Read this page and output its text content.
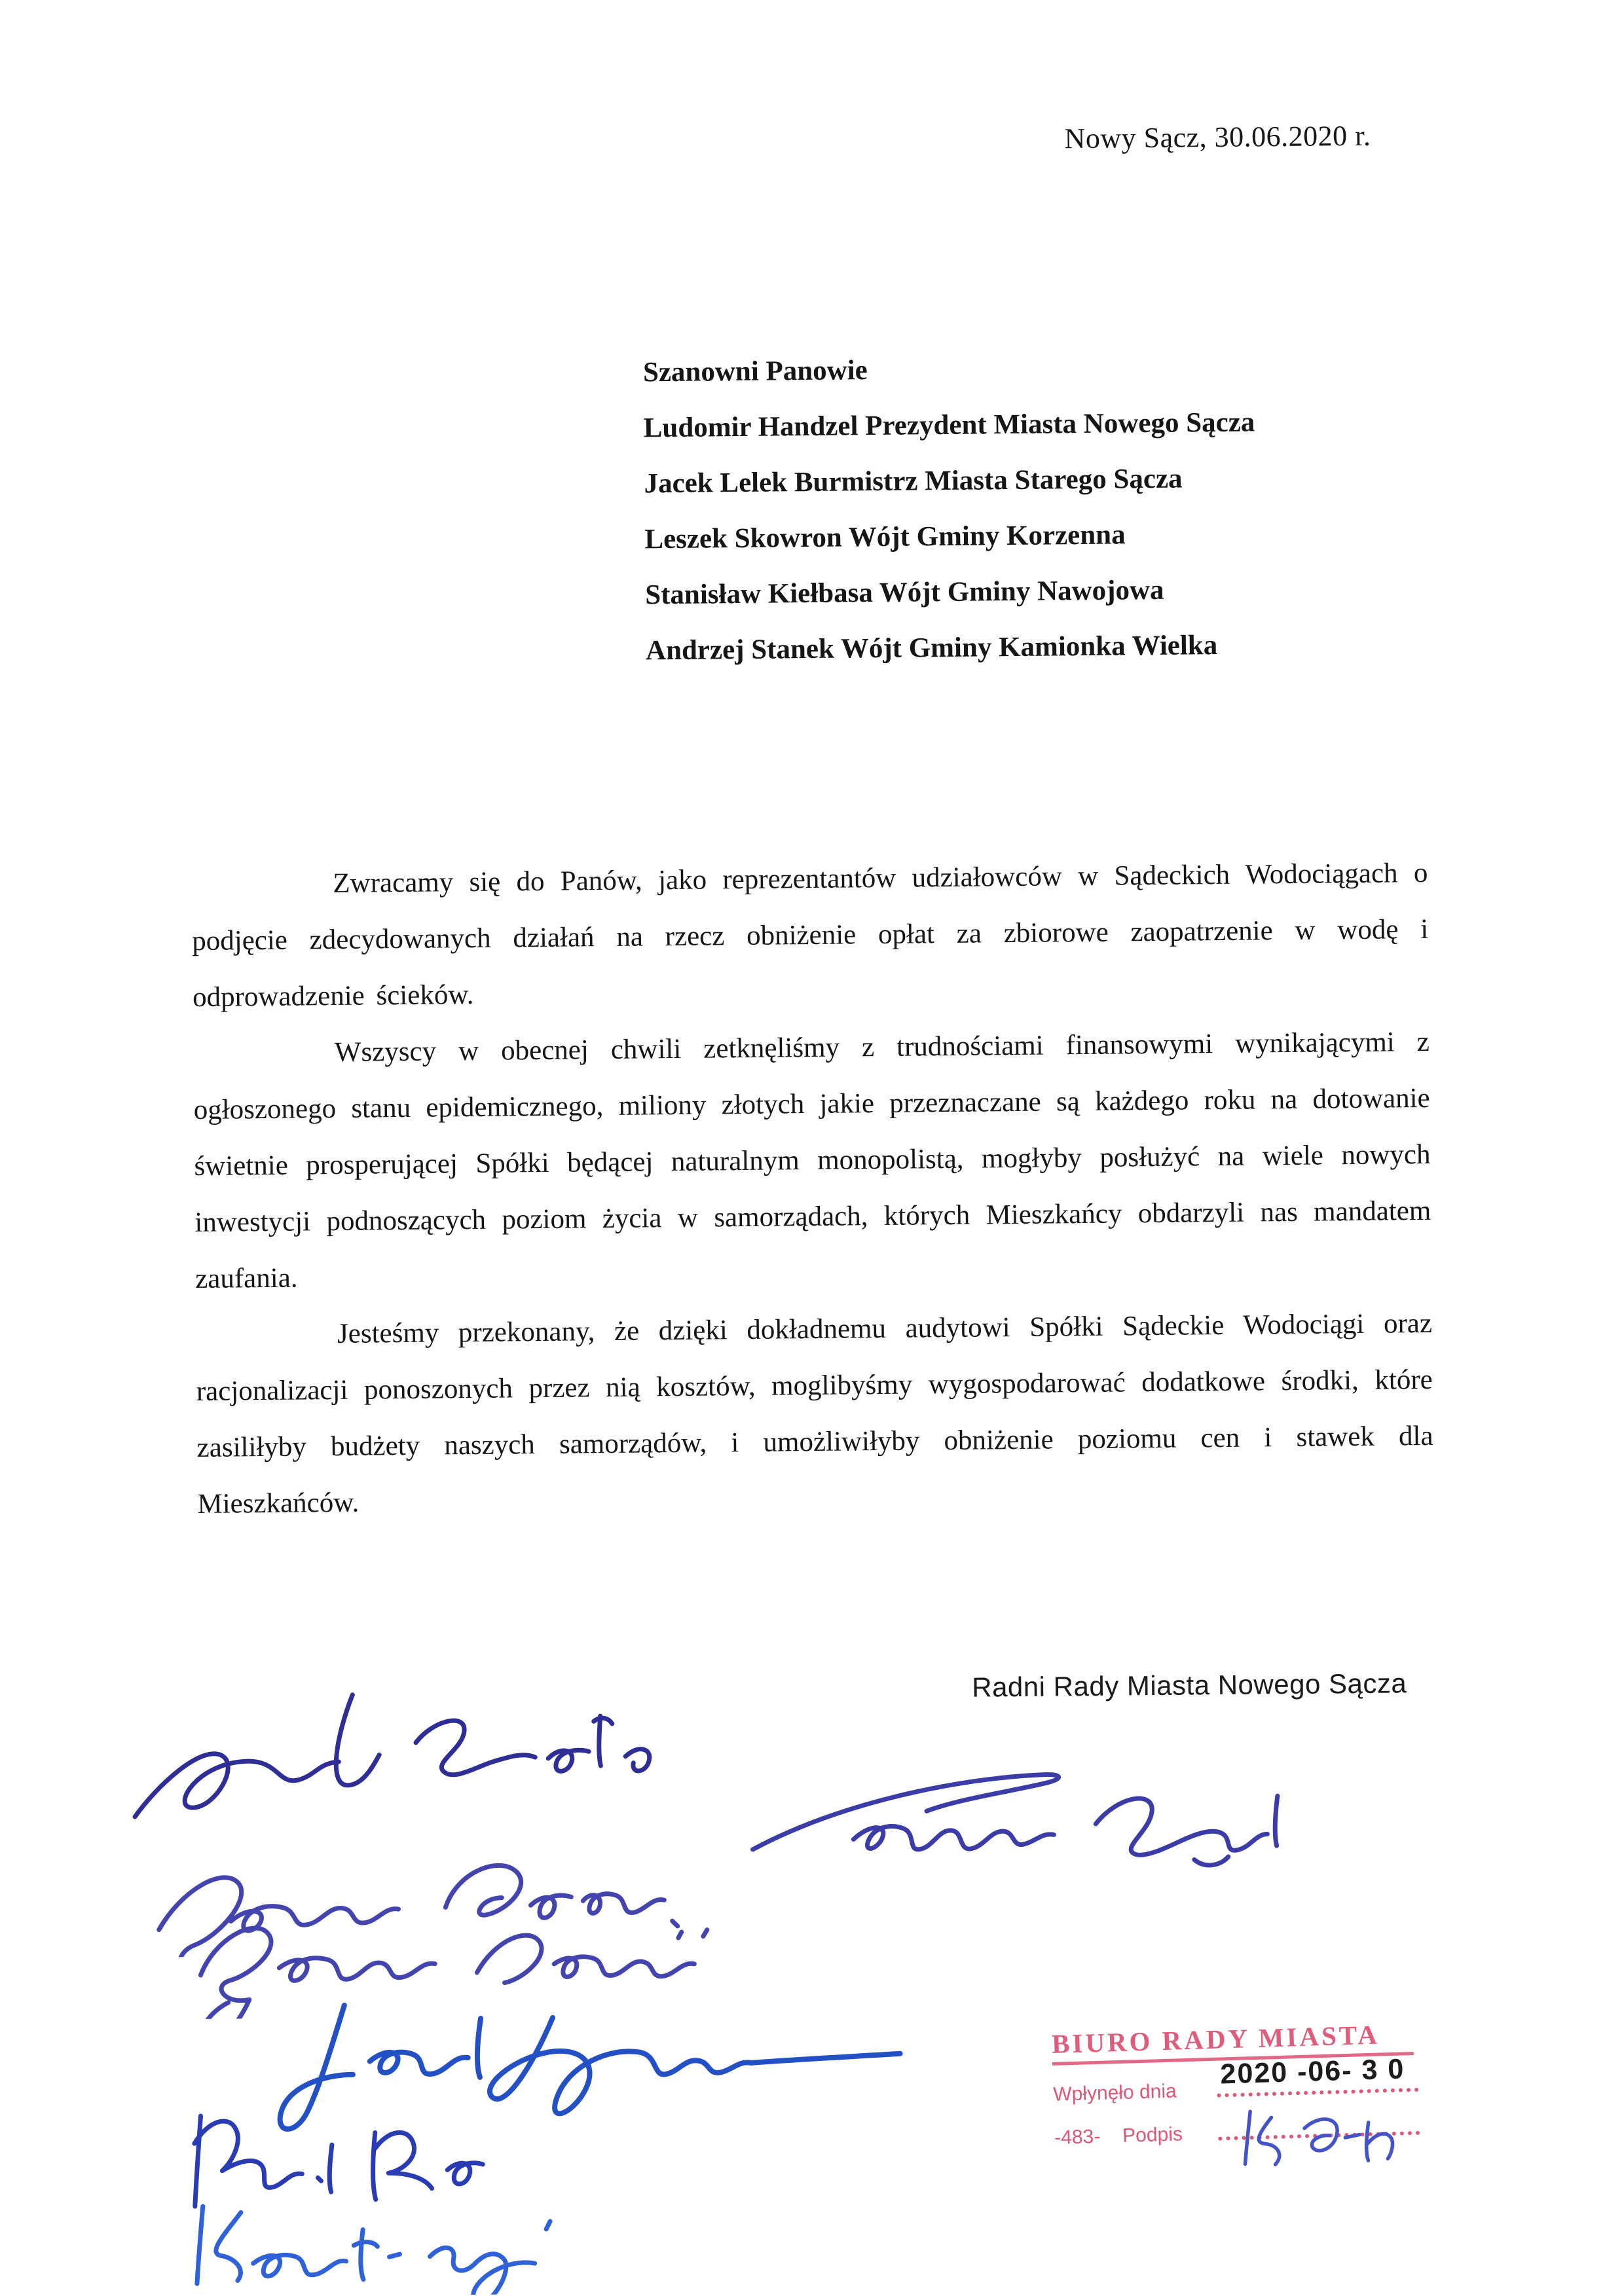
Nowy Sącz, 30.06.2020 r.
Szanowni Panowie
Ludomir Handzel Prezydent Miasta Nowego Sącza
Jacek Lelek Burmistrz Miasta Starego Sącza
Leszek Skowron Wójt Gminy Korzenna
Stanisław Kiełbasa Wójt Gminy Nawojowa
Andrzej Stanek Wójt Gminy Kamionka Wielka

Zwracamy się do Panów, jako reprezentantów udziałowców w Sądeckich Wodociągach o podjęcie zdecydowanych działań na rzecz obniżenie opłat za zbiorowe zaopatrzenie w wodę i odprowadzenie ścieków.

Wszyscy w obecnej chwili zetknęliśmy z trudnościami finansowymi wynikającymi z ogłoszonego stanu epidemicznego, miliony złotych jakie przeznaczane są każdego roku na dotowanie świetnie prosperującej Spółki będącej naturalnym monopolistą, mogłyby posłużyć na wiele nowych inwestycji podnoszących poziom życia w samorządach, których Mieszkańcy obdarzyli nas mandatem zaufania.

Jesteśmy przekonany, że dzięki dokładnemu audytowi Spółki Sądeckie Wodociągi oraz racjonalizacji ponoszonych przez nią kosztów, moglibyśmy wygospodarować dodatkowe środki, które zasiliłyby budżety naszych samorządów, i umożliwiłyby obniżenie poziomu cen i stawek dla Mieszkańców.

Radni Rady Miasta Nowego Sącza
BIURO RADY MIASTA
Wpłynęło dnia
-483- Podpis
2020 -06- 3 0
